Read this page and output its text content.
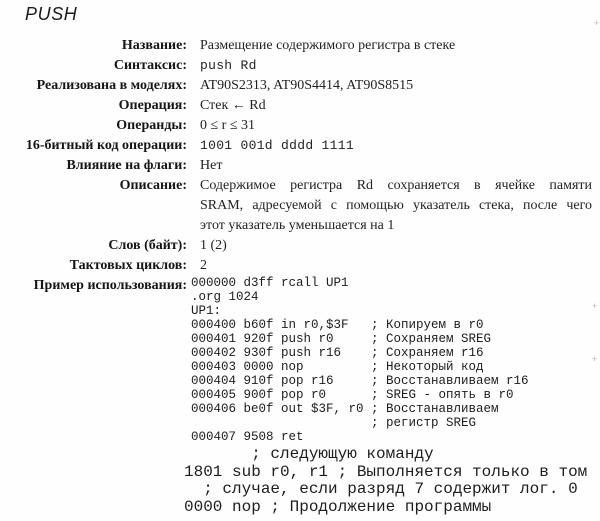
PUSH
Название: Размещение содержимого регистра в стеке
Синтаксис: push Rd
Реализована в моделях: AT90S2313, AT90S4414, AT90S8515
Операция: Стек ← Rd
Операнды: 0 ≤ r ≤ 31
16-битный код операции: 1001 001d dddd 1111
Влияние на флаги: Нет
Описание: Содержимое регистра Rd сохраняется в ячейке памяти
SRAM, адресуемой с помощью указатель стека, после чего
этот указатель уменьшается на 1
Слов (байт): 1 (2)
Тактовых циклов: 2
Пример использования: 000000 d3ff rcall UP1
.org 1024
UP1:
000400 b60f in r0,$3F   ; Копируем в r0
000401 920f push r0     ; Сохраняем SREG
000402 930f push r16    ; Сохраняем r16
000403 0000 nop         ; Некоторый код
000404 910f pop r16     ; Восстанавливаем r16
000405 900f pop r0      ; SREG - опять в r0
000406 be0f out $3F, r0 ; Восстанавливаем
; регистр SREG
000407 9508 ret
; следующую команду
1801 sub r0, r1 ; Выполняется только в том
; случае, если разряд 7 содержит лог. 0
0000 nop ; Продолжение программы
+
+
+
